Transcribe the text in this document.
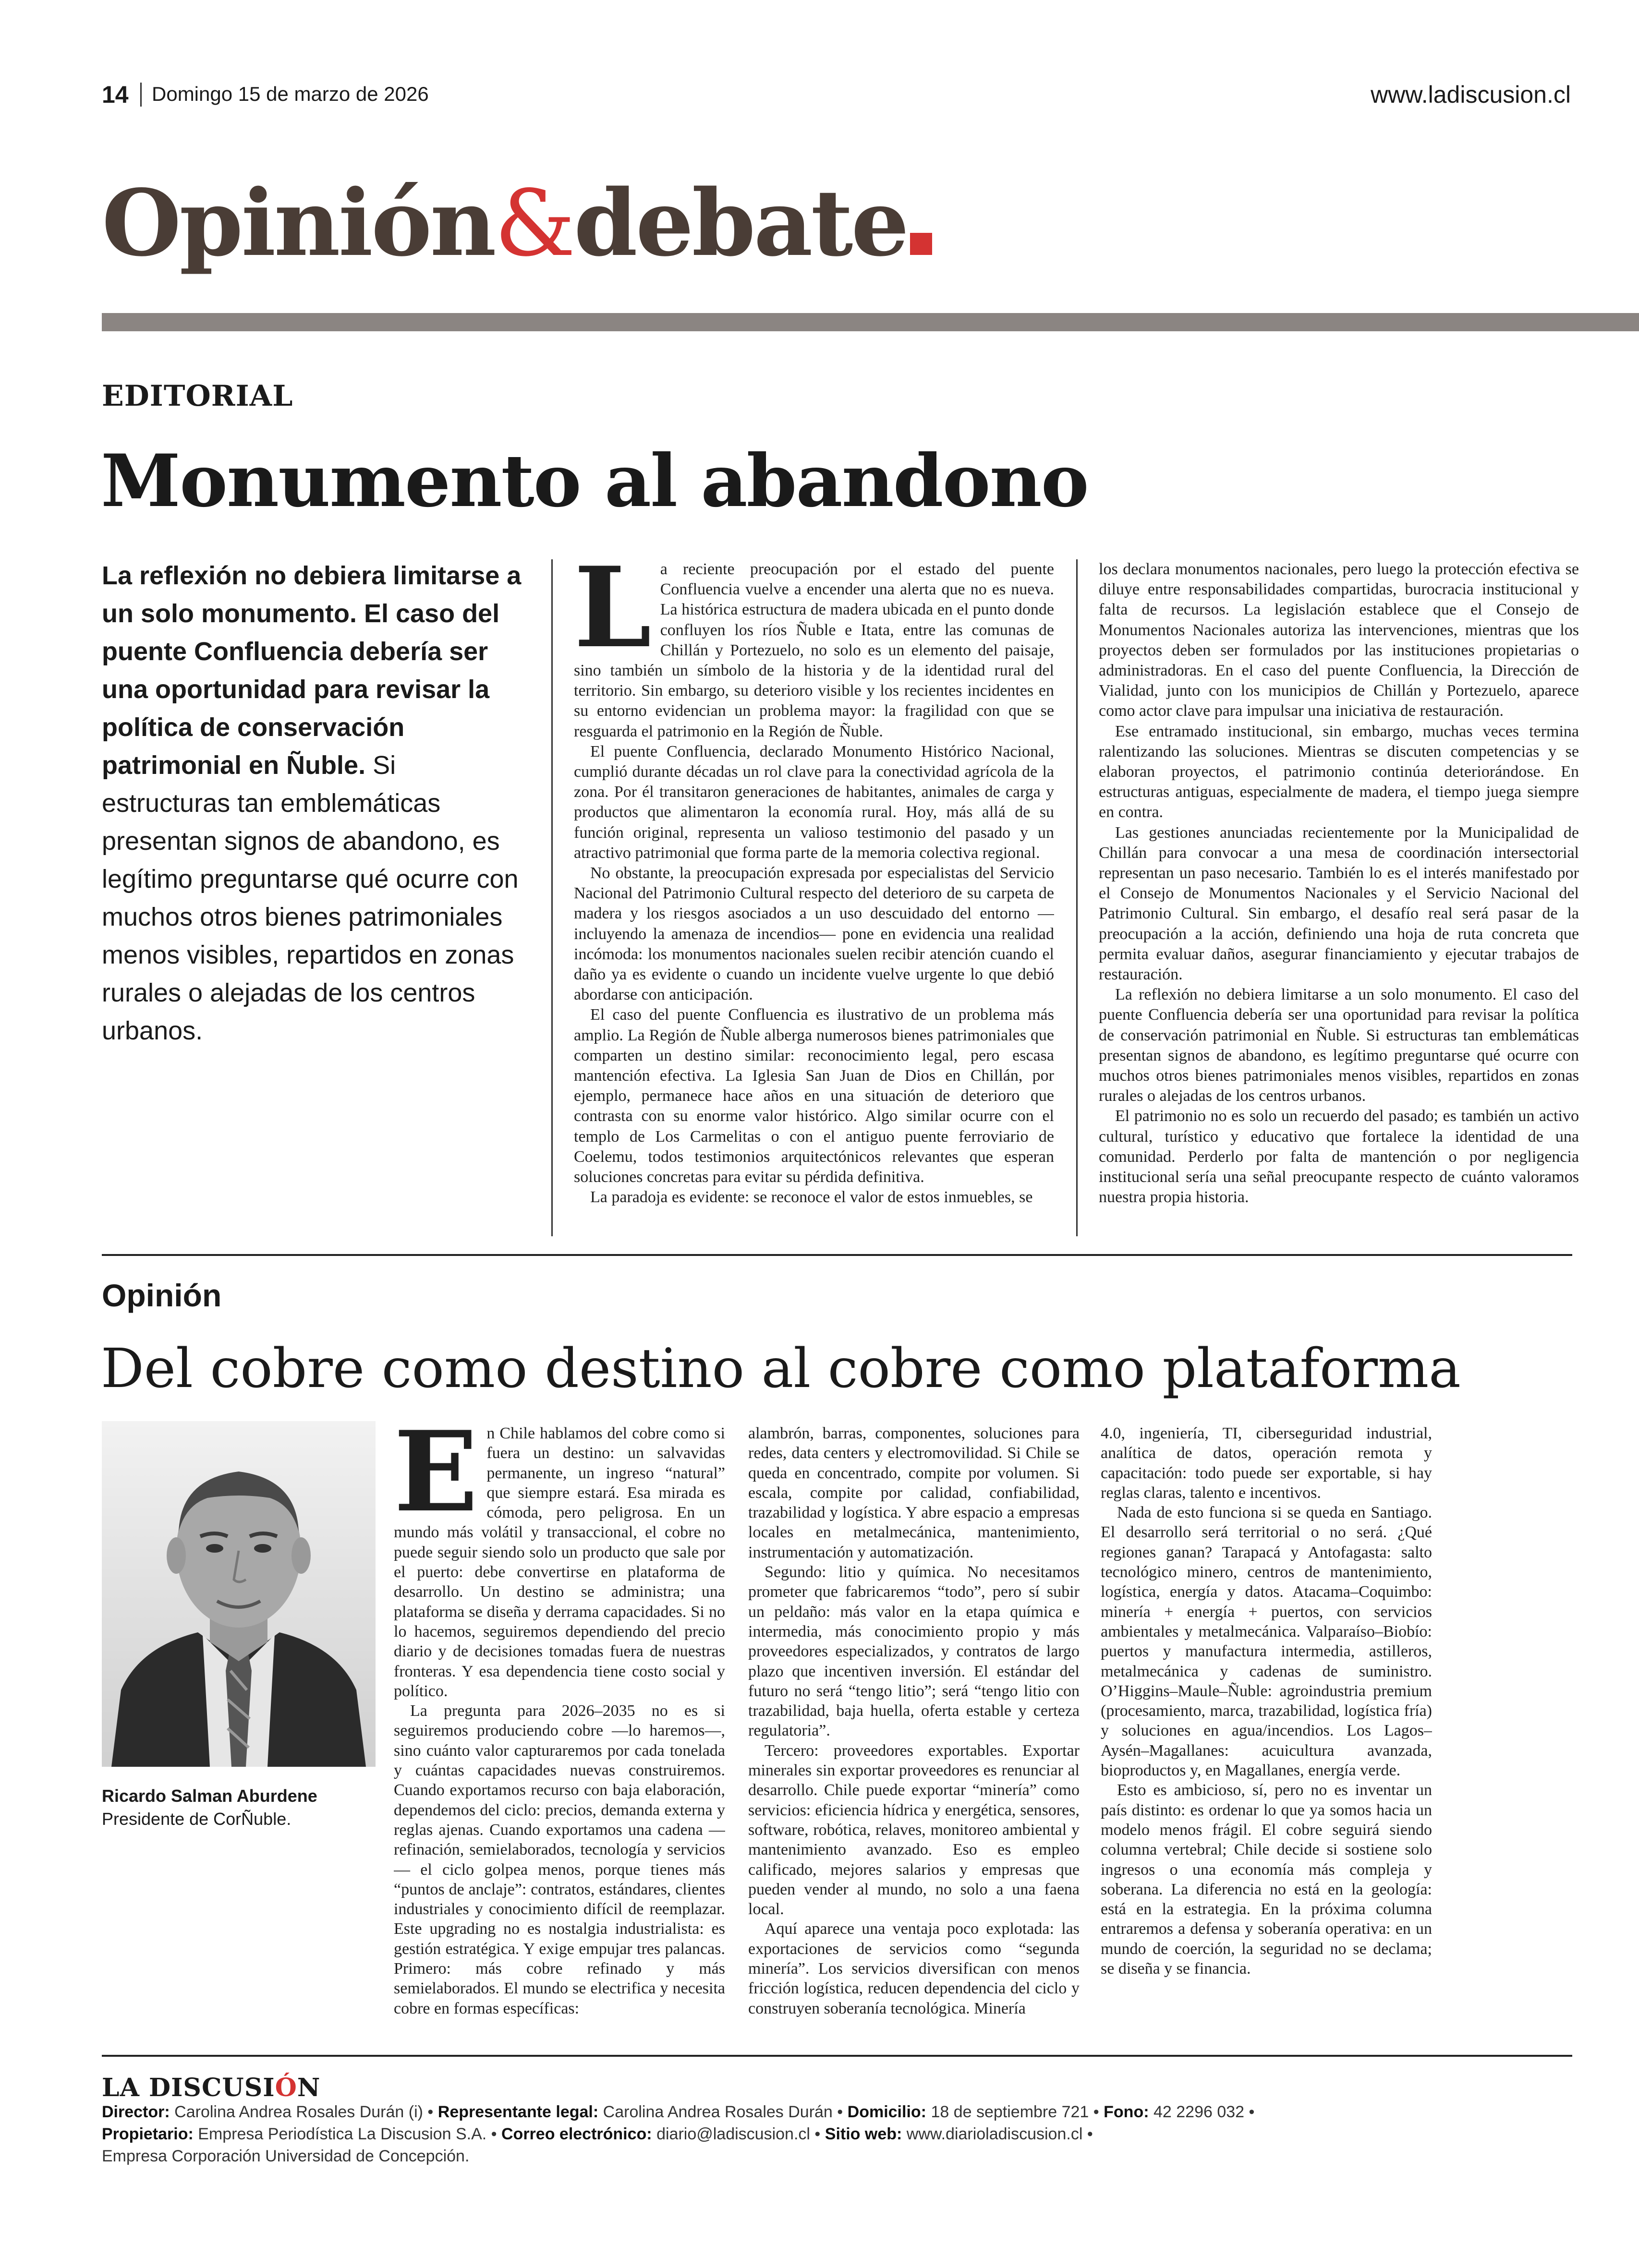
14 Domingo 15 de marzo de 2026	www.ladiscusion.cl
Opinión&debate
EDITORIAL
Monumento al abandono
La reflexión no debiera limitarse a un solo monumento. El caso del puente Confluencia debería ser una oportunidad para revisar la política de conservación patrimonial en Ñuble. Si estructuras tan emblemáticas presentan signos de abandono, es legítimo preguntarse qué ocurre con muchos otros bienes patrimoniales menos visibles, repartidos en zonas rurales o alejadas de los centros urbanos.
L a reciente preocupación por el estado del puente Confluencia vuelve a encender una alerta que no es nueva. La histórica estructura de madera ubicada en el punto donde confluyen los ríos Ñuble e Itata, entre las comunas de Chillán y Portezuelo, no solo es un elemento del paisaje, sino también un símbolo de la historia y de la identidad rural del territorio. Sin embargo, su deterioro visible y los recientes incidentes en su entorno evidencian un problema mayor: la fragilidad con que se resguarda el patrimonio en la Región de Ñuble.

El puente Confluencia, declarado Monumento Histórico Nacional, cumplió durante décadas un rol clave para la conectividad agrícola de la zona. Por él transitaron generaciones de habitantes, animales de carga y productos que alimentaron la economía rural. Hoy, más allá de su función original, representa un valioso testimonio del pasado y un atractivo patrimonial que forma parte de la memoria colectiva regional.

No obstante, la preocupación expresada por especialistas del Servicio Nacional del Patrimonio Cultural respecto del deterioro de su carpeta de madera y los riesgos asociados a un uso descuidado del entorno —incluyendo la amenaza de incendios— pone en evidencia una realidad incómoda: los monumentos nacionales suelen recibir atención cuando el daño ya es evidente o cuando un incidente vuelve urgente lo que debió abordarse con anticipación.

El caso del puente Confluencia es ilustrativo de un problema más amplio. La Región de Ñuble alberga numerosos bienes patrimoniales que comparten un destino similar: reconocimiento legal, pero escasa mantención efectiva. La Iglesia San Juan de Dios en Chillán, por ejemplo, permanece hace años en una situación de deterioro que contrasta con su enorme valor histórico. Algo similar ocurre con el templo de Los Carmelitas o con el antiguo puente ferroviario de Coelemu, todos testimonios arquitectónicos relevantes que esperan soluciones concretas para evitar su pérdida definitiva.

La paradoja es evidente: se reconoce el valor de estos inmuebles, se

los declara monumentos nacionales, pero luego la protección efectiva se diluye entre responsabilidades compartidas, burocracia institucional y falta de recursos. La legislación establece que el Consejo de Monumentos Nacionales autoriza las intervenciones, mientras que los proyectos deben ser formulados por las instituciones propietarias o administradoras. En el caso del puente Confluencia, la Dirección de Vialidad, junto con los municipios de Chillán y Portezuelo, aparece como actor clave para impulsar una iniciativa de restauración.

Ese entramado institucional, sin embargo, muchas veces termina ralentizando las soluciones. Mientras se discuten competencias y se elaboran proyectos, el patrimonio continúa deteriorándose. En estructuras antiguas, especialmente de madera, el tiempo juega siempre en contra.

Las gestiones anunciadas recientemente por la Municipalidad de Chillán para convocar a una mesa de coordinación intersectorial representan un paso necesario. También lo es el interés manifestado por el Consejo de Monumentos Nacionales y el Servicio Nacional del Patrimonio Cultural. Sin embargo, el desafío real será pasar de la preocupación a la acción, definiendo una hoja de ruta concreta que permita evaluar daños, asegurar financiamiento y ejecutar trabajos de restauración.

La reflexión no debiera limitarse a un solo monumento. El caso del puente Confluencia debería ser una oportunidad para revisar la política de conservación patrimonial en Ñuble. Si estructuras tan emblemáticas presentan signos de abandono, es legítimo preguntarse qué ocurre con muchos otros bienes patrimoniales menos visibles, repartidos en zonas rurales o alejadas de los centros urbanos.

El patrimonio no es solo un recuerdo del pasado; es también un activo cultural, turístico y educativo que fortalece la identidad de una comunidad. Perderlo por falta de mantención o por negligencia institucional sería una señal preocupante respecto de cuánto valoramos nuestra propia historia.

Opinión
Del cobre como destino al cobre como plataforma
Ricardo Salman Aburdene
Presidente de CorÑuble.
E n Chile hablamos del cobre como si fuera un destino: un salvavidas permanente, un ingreso “natural” que siempre estará. Esa mirada es cómoda, pero peligrosa. En un mundo más volátil y transaccional, el cobre no puede seguir siendo solo un producto que sale por el puerto: debe convertirse en plataforma de desarrollo. Un destino se administra; una plataforma se diseña y derrama capacidades. Si no lo hacemos, seguiremos dependiendo del precio diario y de decisiones tomadas fuera de nuestras fronteras. Y esa dependencia tiene costo social y político.

La pregunta para 2026–2035 no es si seguiremos produciendo cobre —lo haremos—, sino cuánto valor capturaremos por cada tonelada y cuántas capacidades nuevas construiremos. Cuando exportamos recurso con baja elaboración, dependemos del ciclo: precios, demanda externa y reglas ajenas. Cuando exportamos una cadena —refinación, semielaborados, tecnología y servicios— el ciclo golpea menos, porque tienes más “puntos de anclaje”: contratos, estándares, clientes industriales y conocimiento difícil de reemplazar. Este upgrading no es nostalgia industrialista: es gestión estratégica. Y exige empujar tres palancas. Primero: más cobre refinado y más semielaborados. El mundo se electrifica y necesita cobre en formas específicas:

alambrón, barras, componentes, soluciones para redes, data centers y electromovilidad. Si Chile se queda en concentrado, compite por volumen. Si escala, compite por calidad, confiabilidad, trazabilidad y logística. Y abre espacio a empresas locales en metalmecánica, mantenimiento, instrumentación y automatización.

Segundo: litio y química. No necesitamos prometer que fabricaremos “todo”, pero sí subir un peldaño: más valor en la etapa química e intermedia, más conocimiento propio y más proveedores especializados, y contratos de largo plazo que incentiven inversión. El estándar del futuro no será “tengo litio”; será “tengo litio con trazabilidad, baja huella, oferta estable y certeza regulatoria”.

Tercero: proveedores exportables. Exportar minerales sin exportar proveedores es renunciar al desarrollo. Chile puede exportar “minería” como servicios: eficiencia hídrica y energética, sensores, software, robótica, relaves, monitoreo ambiental y mantenimiento avanzado. Eso es empleo calificado, mejores salarios y empresas que pueden vender al mundo, no solo a una faena local.

Aquí aparece una ventaja poco explotada: las exportaciones de servicios como “segunda minería”. Los servicios diversifican con menos fricción logística, reducen dependencia del ciclo y construyen soberanía tecnológica. Minería

4.0, ingeniería, TI, ciberseguridad industrial, analítica de datos, operación remota y capacitación: todo puede ser exportable, si hay reglas claras, talento e incentivos.

Nada de esto funciona si se queda en Santiago. El desarrollo será territorial o no será. ¿Qué regiones ganan? Tarapacá y Antofagasta: salto tecnológico minero, centros de mantenimiento, logística, energía y datos. Atacama–Coquimbo: minería + energía + puertos, con servicios ambientales y metalmecánica. Valparaíso–Biobío: puertos y manufactura intermedia, astilleros, metalmecánica y cadenas de suministro. O’Higgins–Maule–Ñuble: agroindustria premium (procesamiento, marca, trazabilidad, logística fría) y soluciones en agua/incendios. Los Lagos–Aysén–Magallanes: acuicultura avanzada, bioproductos y, en Magallanes, energía verde.

Esto es ambicioso, sí, pero no es inventar un país distinto: es ordenar lo que ya somos hacia un modelo menos frágil. El cobre seguirá siendo columna vertebral; Chile decide si sostiene solo ingresos o una economía más compleja y soberana. La diferencia no está en la geología: está en la estrategia. En la próxima columna entraremos a defensa y soberanía operativa: en un mundo de coerción, la seguridad no se declama; se diseña y se financia.

LA DISCUSIÓN
Director: Carolina Andrea Rosales Durán (i) • Representante legal: Carolina Andrea Rosales Durán • Domicilio: 18 de septiembre 721 • Fono: 42 2296 032 •
Propietario: Empresa Periodística La Discusion S.A. • Correo electrónico: diario@ladiscusion.cl • Sitio web: www.diarioladiscusion.cl •
Empresa Corporación Universidad de Concepción.
